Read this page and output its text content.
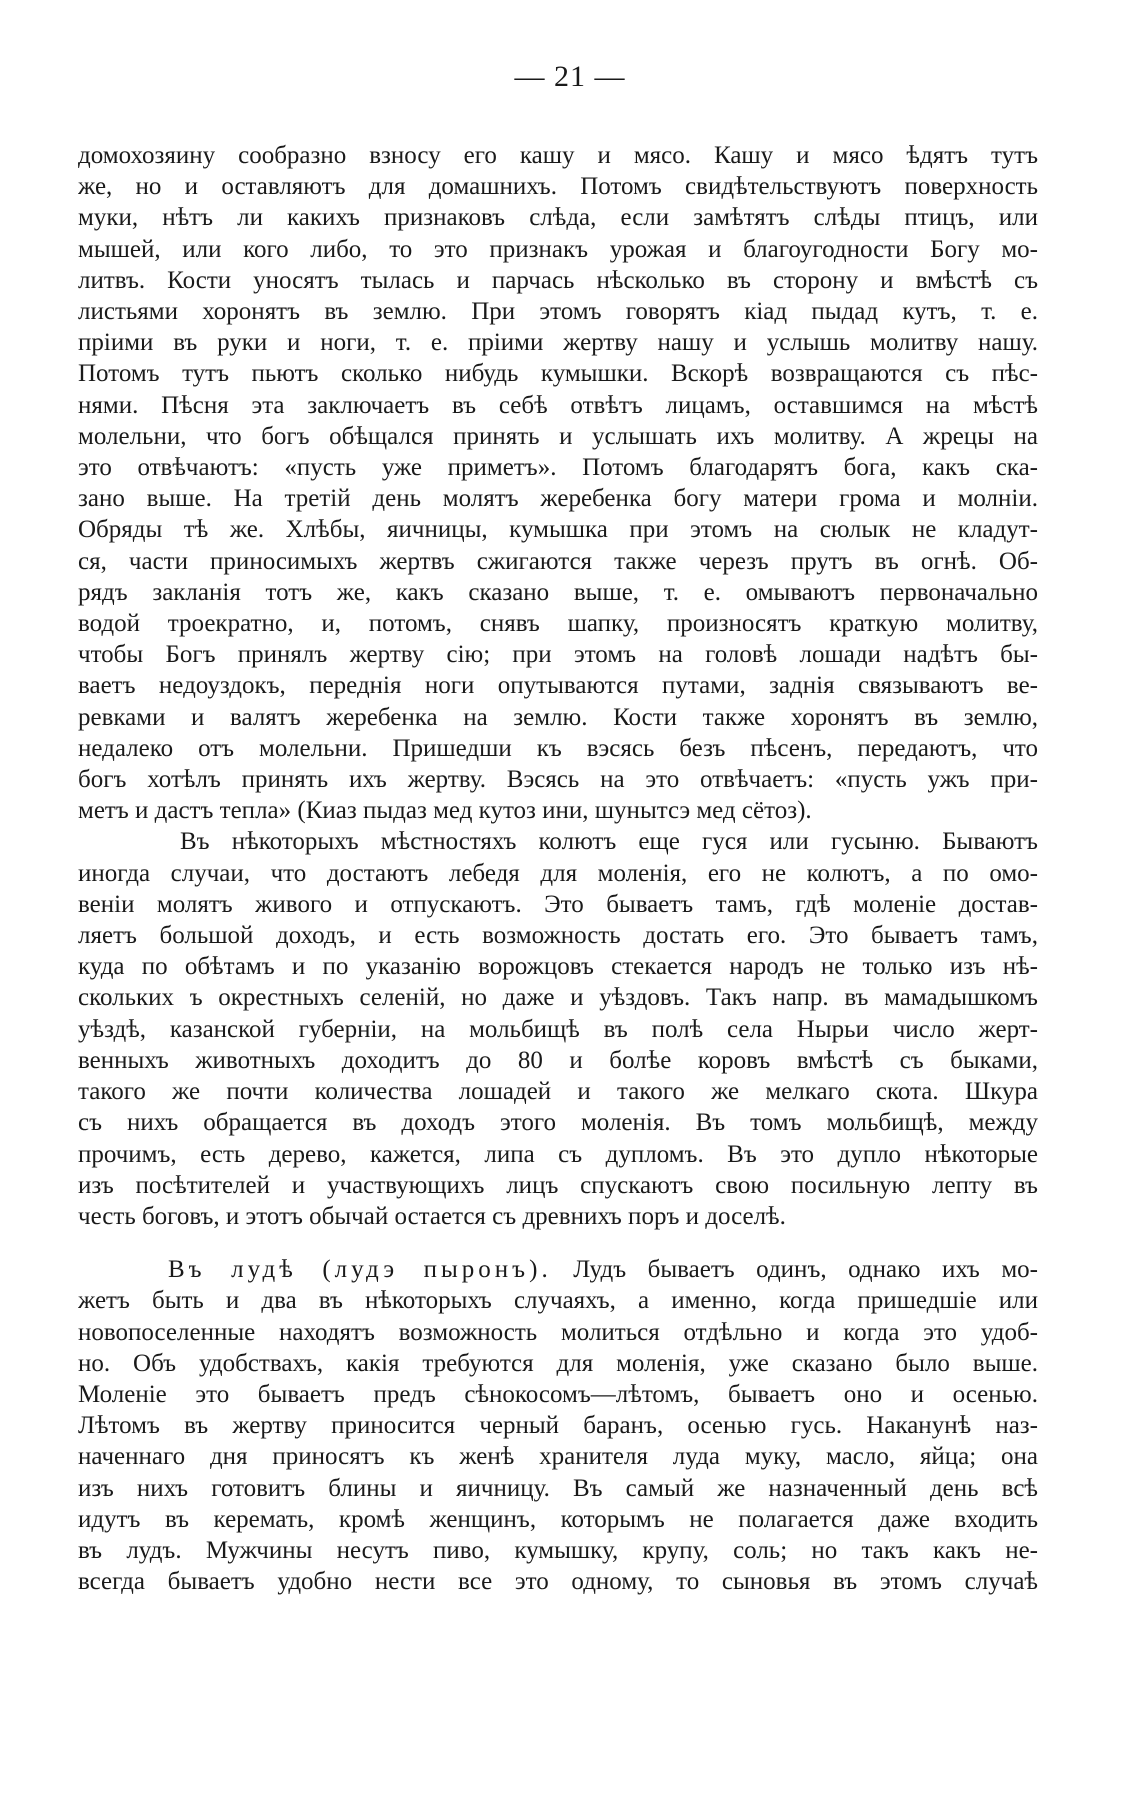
— 21 —

домохозяину сообразно взносу его кашу и мясо. Кашу и мясо ѣдятъ тутъ
же, но и оставляютъ для домашнихъ. Потомъ свидѣтельствуютъ поверхность
муки, нѣтъ ли какихъ признаковъ слѣда, если замѣтятъ слѣды птицъ, или
мышей, или кого либо, то это признакъ урожая и благоугодности Богу мо-
литвъ. Кости уносятъ тылась и парчась нѣсколько въ сторону и вмѣстѣ съ
листьями хоронятъ въ землю. При этомъ говорятъ кіад пыдад кутъ, т. е.
пріими въ руки и ноги, т. е. пріими жертву нашу и услышь молитву нашу.
Потомъ тутъ пьютъ сколько нибудь кумышки. Вскорѣ возвращаются съ пѣс-
нями. Пѣсня эта заключаетъ въ себѣ отвѣтъ лицамъ, оставшимся на мѣстѣ
молельни, что богъ обѣщался принять и услышать ихъ молитву. А жрецы на
это отвѣчаютъ: «пусть уже приметъ». Потомъ благодарятъ бога, какъ ска-
зано выше. На третій день молятъ жеребенка богу матери грома и молніи.
Обряды тѣ же. Хлѣбы, яичницы, кумышка при этомъ на сюлык не кладут-
ся, части приносимыхъ жертвъ сжигаются также черезъ прутъ въ огнѣ. Об-
рядъ закланія тотъ же, какъ сказано выше, т. е. омываютъ первоначально
водой троекратно, и, потомъ, снявъ шапку, произносятъ краткую молитву,
чтобы Богъ принялъ жертву сію; при этомъ на головѣ лошади надѣтъ бы-
ваетъ недоуздокъ, переднія ноги опутываются путами, заднія связываютъ ве-
ревками и валятъ жеребенка на землю. Кости также хоронятъ въ землю,
недалеко отъ молельни. Пришедши къ вэсясь безъ пѣсенъ, передаютъ, что
богъ хотѣлъ принять ихъ жертву. Вэсясь на это отвѣчаетъ: «пусть ужъ при-
метъ и дастъ тепла» (Киаз пыдаз мед кутоз ини, шунытсэ мед сётоз).

Въ нѣкоторыхъ мѣстностяхъ колютъ еще гуся или гусыню. Бываютъ
иногда случаи, что достаютъ лебедя для моленія, его не колютъ, а по омо-
веніи молятъ живого и отпускаютъ. Это бываетъ тамъ, гдѣ моленіе достав-
ляетъ большой доходъ, и есть возможность достать его. Это бываетъ тамъ,
куда по обѣтамъ и по указанію ворожцовъ стекается народъ не только изъ нѣ-
скольких ъ окрестныхъ селеній, но даже и уѣздовъ. Такъ напр. въ мамадышкомъ
уѣздѣ, казанской губерніи, на мольбищѣ въ полѣ села Нырьи число жерт-
венныхъ животныхъ доходитъ до 80 и болѣе коровъ вмѣстѣ съ быками,
такого же почти количества лошадей и такого же мелкаго скота. Шкура
съ нихъ обращается въ доходъ этого моленія. Въ томъ мольбищѣ, между
прочимъ, есть дерево, кажется, липа съ дупломъ. Въ это дупло нѣкоторые
изъ посѣтителей и участвующихъ лицъ спускаютъ свою посильную лепту въ
честь боговъ, и этотъ обычай остается съ древнихъ поръ и доселѣ.

Въ лудѣ (лудэ пыронъ). Лудъ бываетъ одинъ, однако ихъ мо-
жетъ быть и два въ нѣкоторыхъ случаяхъ, а именно, когда пришедшіе или
новопоселенные находятъ возможность молиться отдѣльно и когда это удоб-
но. Объ удобствахъ, какія требуются для моленія, уже сказано было выше.
Моленіе это бываетъ предъ сѣнокосомъ—лѣтомъ, бываетъ оно и осенью.
Лѣтомъ въ жертву приносится черный баранъ, осенью гусь. Наканунѣ наз-
наченнаго дня приносятъ къ женѣ хранителя луда муку, масло, яйца; она
изъ нихъ готовитъ блины и яичницу. Въ самый же назначенный день всѣ
идутъ въ керемать, кромѣ женщинъ, которымъ не полагается даже входить
въ лудъ. Мужчины несутъ пиво, кумышку, крупу, соль; но такъ какъ не-
всегда бываетъ удобно нести все это одному, то сыновья въ этомъ случаѣ
